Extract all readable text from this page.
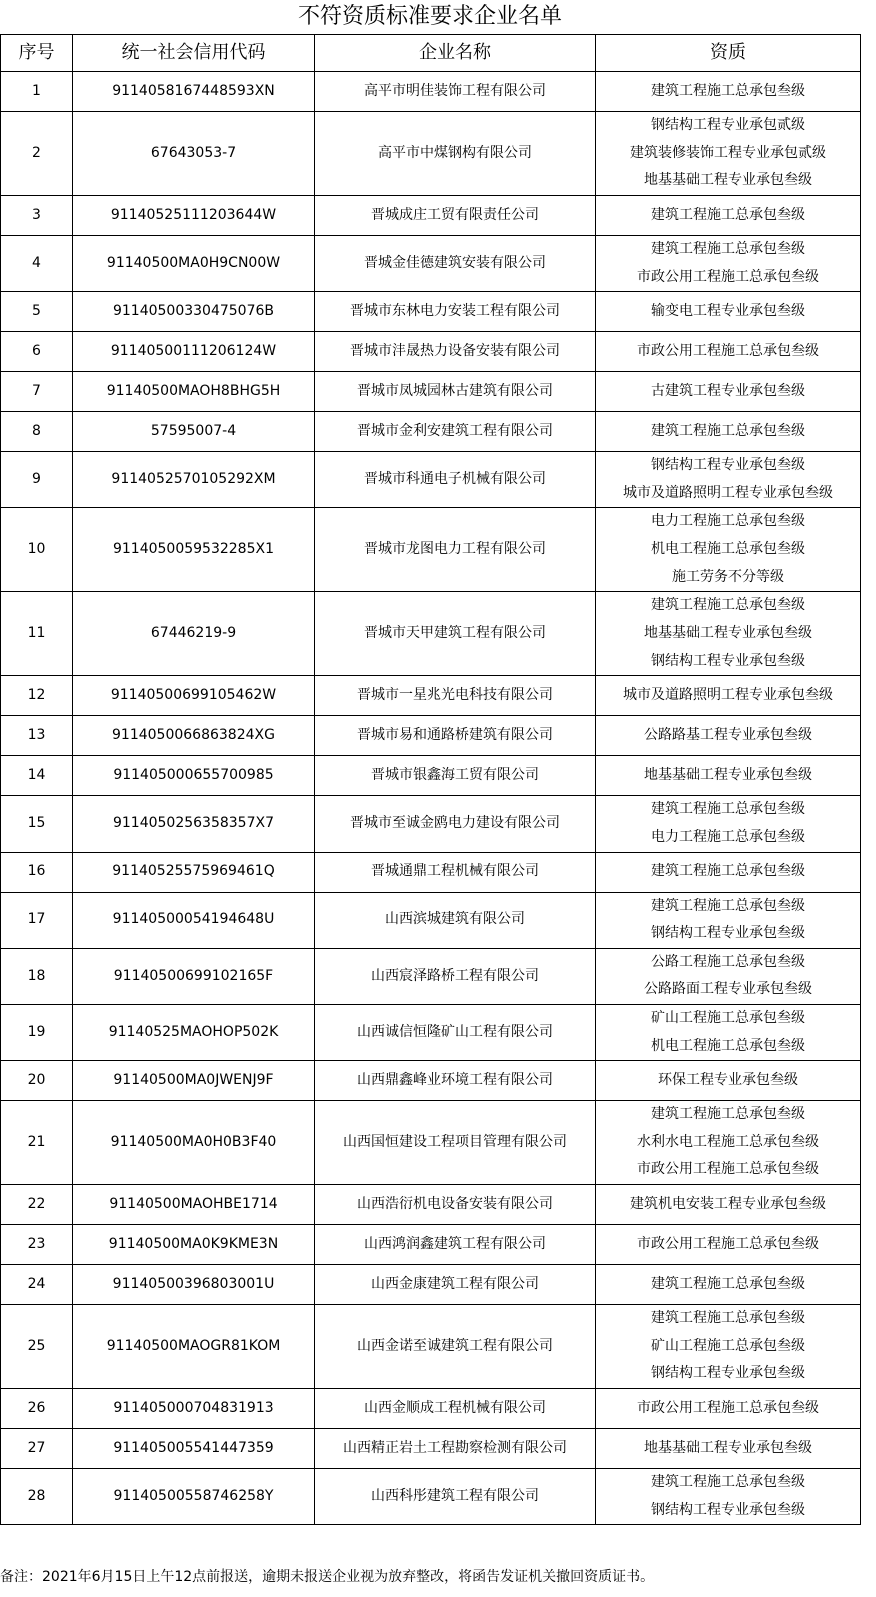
不符资质标准要求企业名单
序号	统一社会信用代码	企业名称	资质
1	9114058167448593XN	高平市明佳装饰工程有限公司	建筑工程施工总承包叁级

2	67643053-7	高平市中煤钢构有限公司	钢结构工程专业承包贰级
建筑装修装饰工程专业承包贰级
地基基础工程专业承包叁级

3	91140525111203644W	晋城成庄工贸有限责任公司	建筑工程施工总承包叁级

4	91140500MA0H9CN00W	晋城金佳德建筑安装有限公司	建筑工程施工总承包叁级
市政公用工程施工总承包叁级

5	91140500330475076B	晋城市东林电力安装工程有限公司	输变电工程专业承包叁级

6	91140500111206124W	晋城市沣晟热力设备安装有限公司	市政公用工程施工总承包叁级

7	91140500MAOH8BHG5H	晋城市凤城园林古建筑有限公司	古建筑工程专业承包叁级

8	57595007-4	晋城市金利安建筑工程有限公司	建筑工程施工总承包叁级

9	9114052570105292XM	晋城市科通电子机械有限公司	钢结构工程专业承包叁级
城市及道路照明工程专业承包叁级

10	9114050059532285X1	晋城市龙图电力工程有限公司	电力工程施工总承包叁级
机电工程施工总承包叁级
施工劳务不分等级

11	67446219-9	晋城市天甲建筑工程有限公司	建筑工程施工总承包叁级
地基基础工程专业承包叁级
钢结构工程专业承包叁级

12	91140500699105462W	晋城市一星兆光电科技有限公司	城市及道路照明工程专业承包叁级

13	9114050066863824XG	晋城市易和通路桥建筑有限公司	公路路基工程专业承包叁级

14	911405000655700985	晋城市银鑫海工贸有限公司	地基基础工程专业承包叁级

15	9114050256358357X7	晋城市至诚金鸥电力建设有限公司	建筑工程施工总承包叁级
电力工程施工总承包叁级

16	91140525575969461Q	晋城通鼎工程机械有限公司	建筑工程施工总承包叁级

17	91140500054194648U	山西滨城建筑有限公司	建筑工程施工总承包叁级
钢结构工程专业承包叁级

18	91140500699102165F	山西宸泽路桥工程有限公司	公路工程施工总承包叁级
公路路面工程专业承包叁级

19	91140525MAOHOP502K	山西诚信恒隆矿山工程有限公司	矿山工程施工总承包叁级
机电工程施工总承包叁级

20	91140500MA0JWENJ9F	山西鼎鑫峰业环境工程有限公司	环保工程专业承包叁级

21	91140500MA0H0B3F40	山西国恒建设工程项目管理有限公司	建筑工程施工总承包叁级
水利水电工程施工总承包叁级
市政公用工程施工总承包叁级

22	91140500MAOHBE1714	山西浩衍机电设备安装有限公司	建筑机电安装工程专业承包叁级

23	91140500MA0K9KME3N	山西鸿润鑫建筑工程有限公司	市政公用工程施工总承包叁级

24	91140500396803001U	山西金康建筑工程有限公司	建筑工程施工总承包叁级

25	91140500MAOGR81KOM	山西金诺至诚建筑工程有限公司	建筑工程施工总承包叁级
矿山工程施工总承包叁级
钢结构工程专业承包叁级

26	911405000704831913	山西金顺成工程机械有限公司	市政公用工程施工总承包叁级

27	911405005541447359	山西精正岩土工程勘察检测有限公司	地基基础工程专业承包叁级

28	91140500558746258Y	山西科彤建筑工程有限公司	建筑工程施工总承包叁级
钢结构工程专业承包叁级
备注：2021年6月15日上午12点前报送，逾期未报送企业视为放弃整改，将函告发证机关撤回资质证书。
